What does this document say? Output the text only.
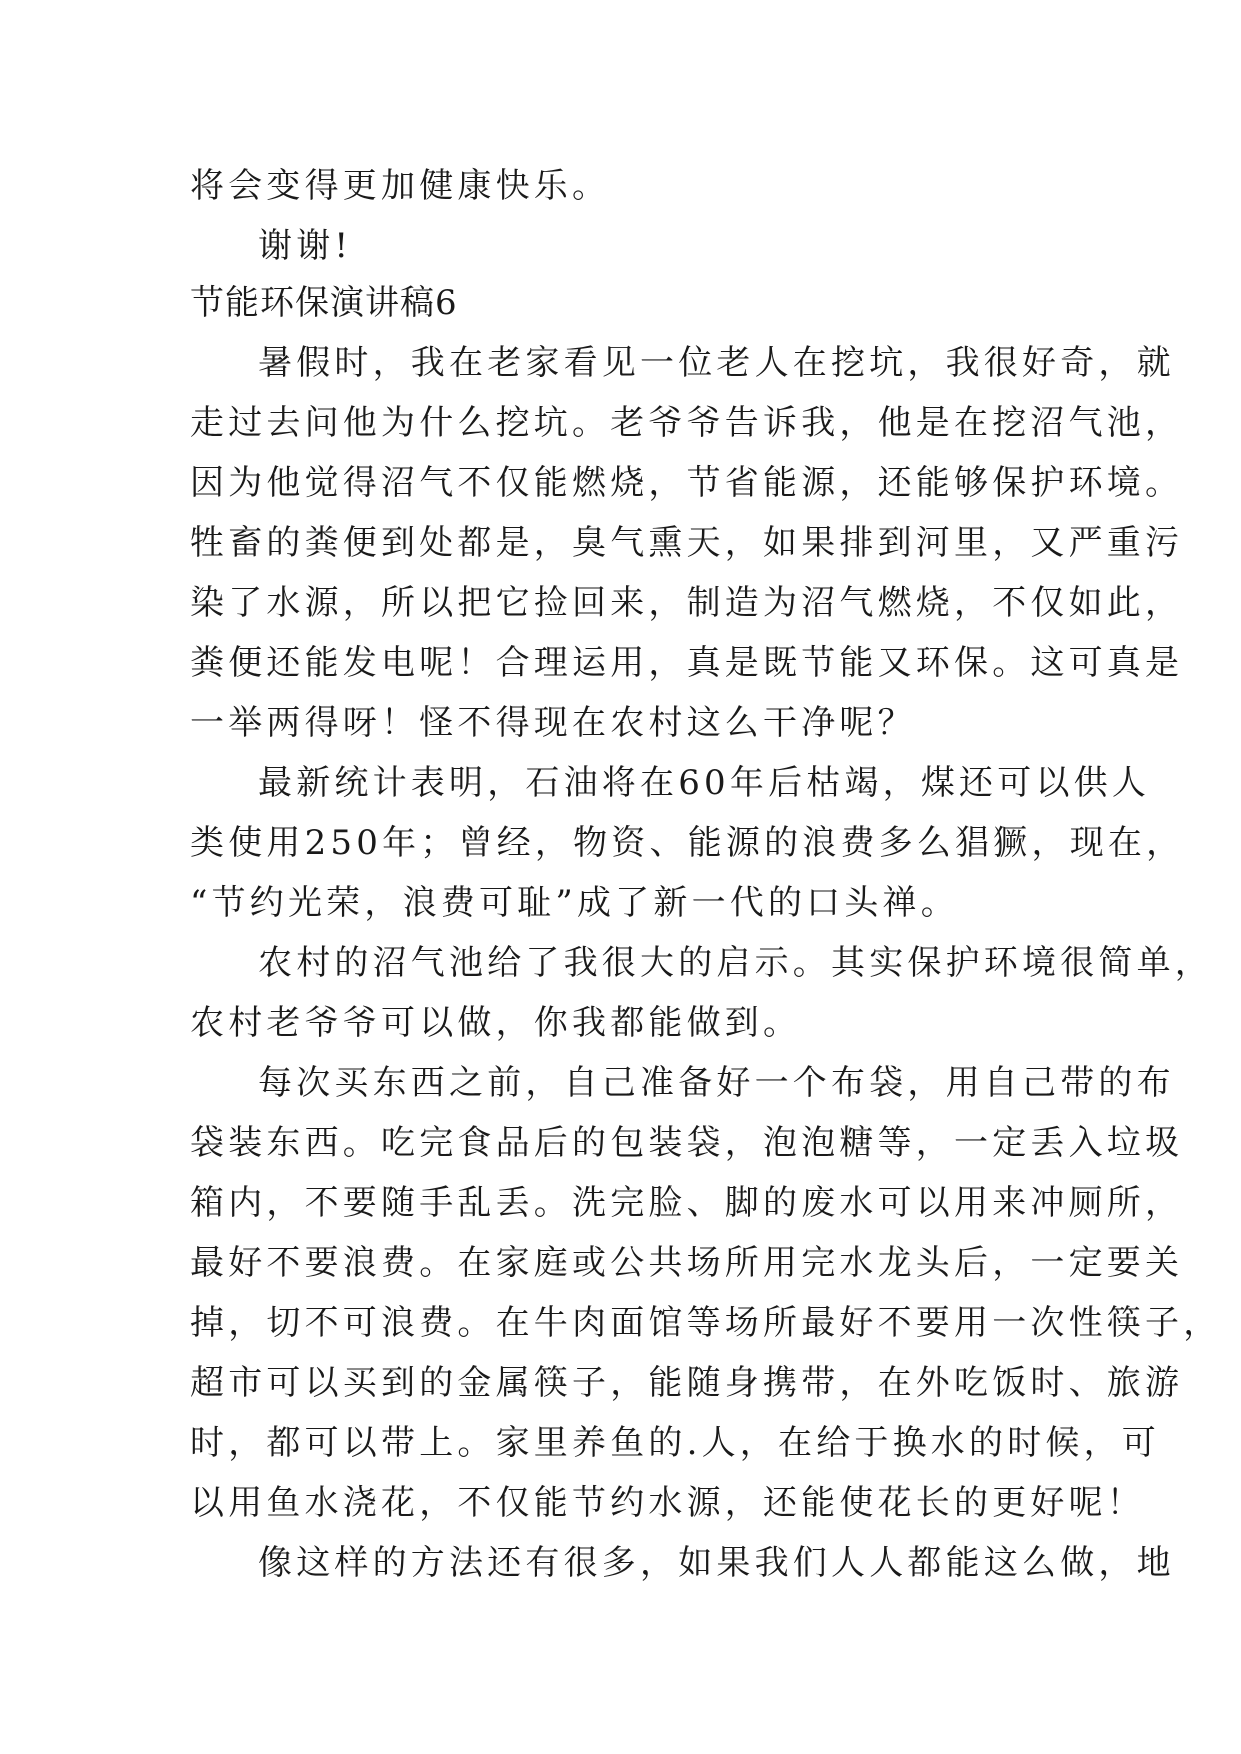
将会变得更加健康快乐。
谢谢!
节能环保演讲稿6
暑假时，我在老家看见一位老人在挖坑，我很好奇，就
走过去问他为什么挖坑。老爷爷告诉我，他是在挖沼气池，
因为他觉得沼气不仅能燃烧，节省能源，还能够保护环境。
牲畜的粪便到处都是，臭气熏天，如果排到河里，又严重污
染了水源，所以把它捡回来，制造为沼气燃烧，不仅如此，
粪便还能发电呢！合理运用，真是既节能又环保。这可真是
一举两得呀！怪不得现在农村这么干净呢？
最新统计表明，石油将在60年后枯竭，煤还可以供人
类使用250年；曾经，物资、能源的浪费多么猖獗，现在，
“节约光荣，浪费可耻”成了新一代的口头禅。
农村的沼气池给了我很大的启示。其实保护环境很简单，
农村老爷爷可以做，你我都能做到。
每次买东西之前，自己准备好一个布袋，用自己带的布
袋装东西。吃完食品后的包装袋，泡泡糖等，一定丢入垃圾
箱内，不要随手乱丢。洗完脸、脚的废水可以用来冲厕所，
最好不要浪费。在家庭或公共场所用完水龙头后，一定要关
掉，切不可浪费。在牛肉面馆等场所最好不要用一次性筷子，
超市可以买到的金属筷子，能随身携带，在外吃饭时、旅游
时，都可以带上。家里养鱼的.人，在给于换水的时候，可
以用鱼水浇花，不仅能节约水源，还能使花长的更好呢！
像这样的方法还有很多，如果我们人人都能这么做，地
